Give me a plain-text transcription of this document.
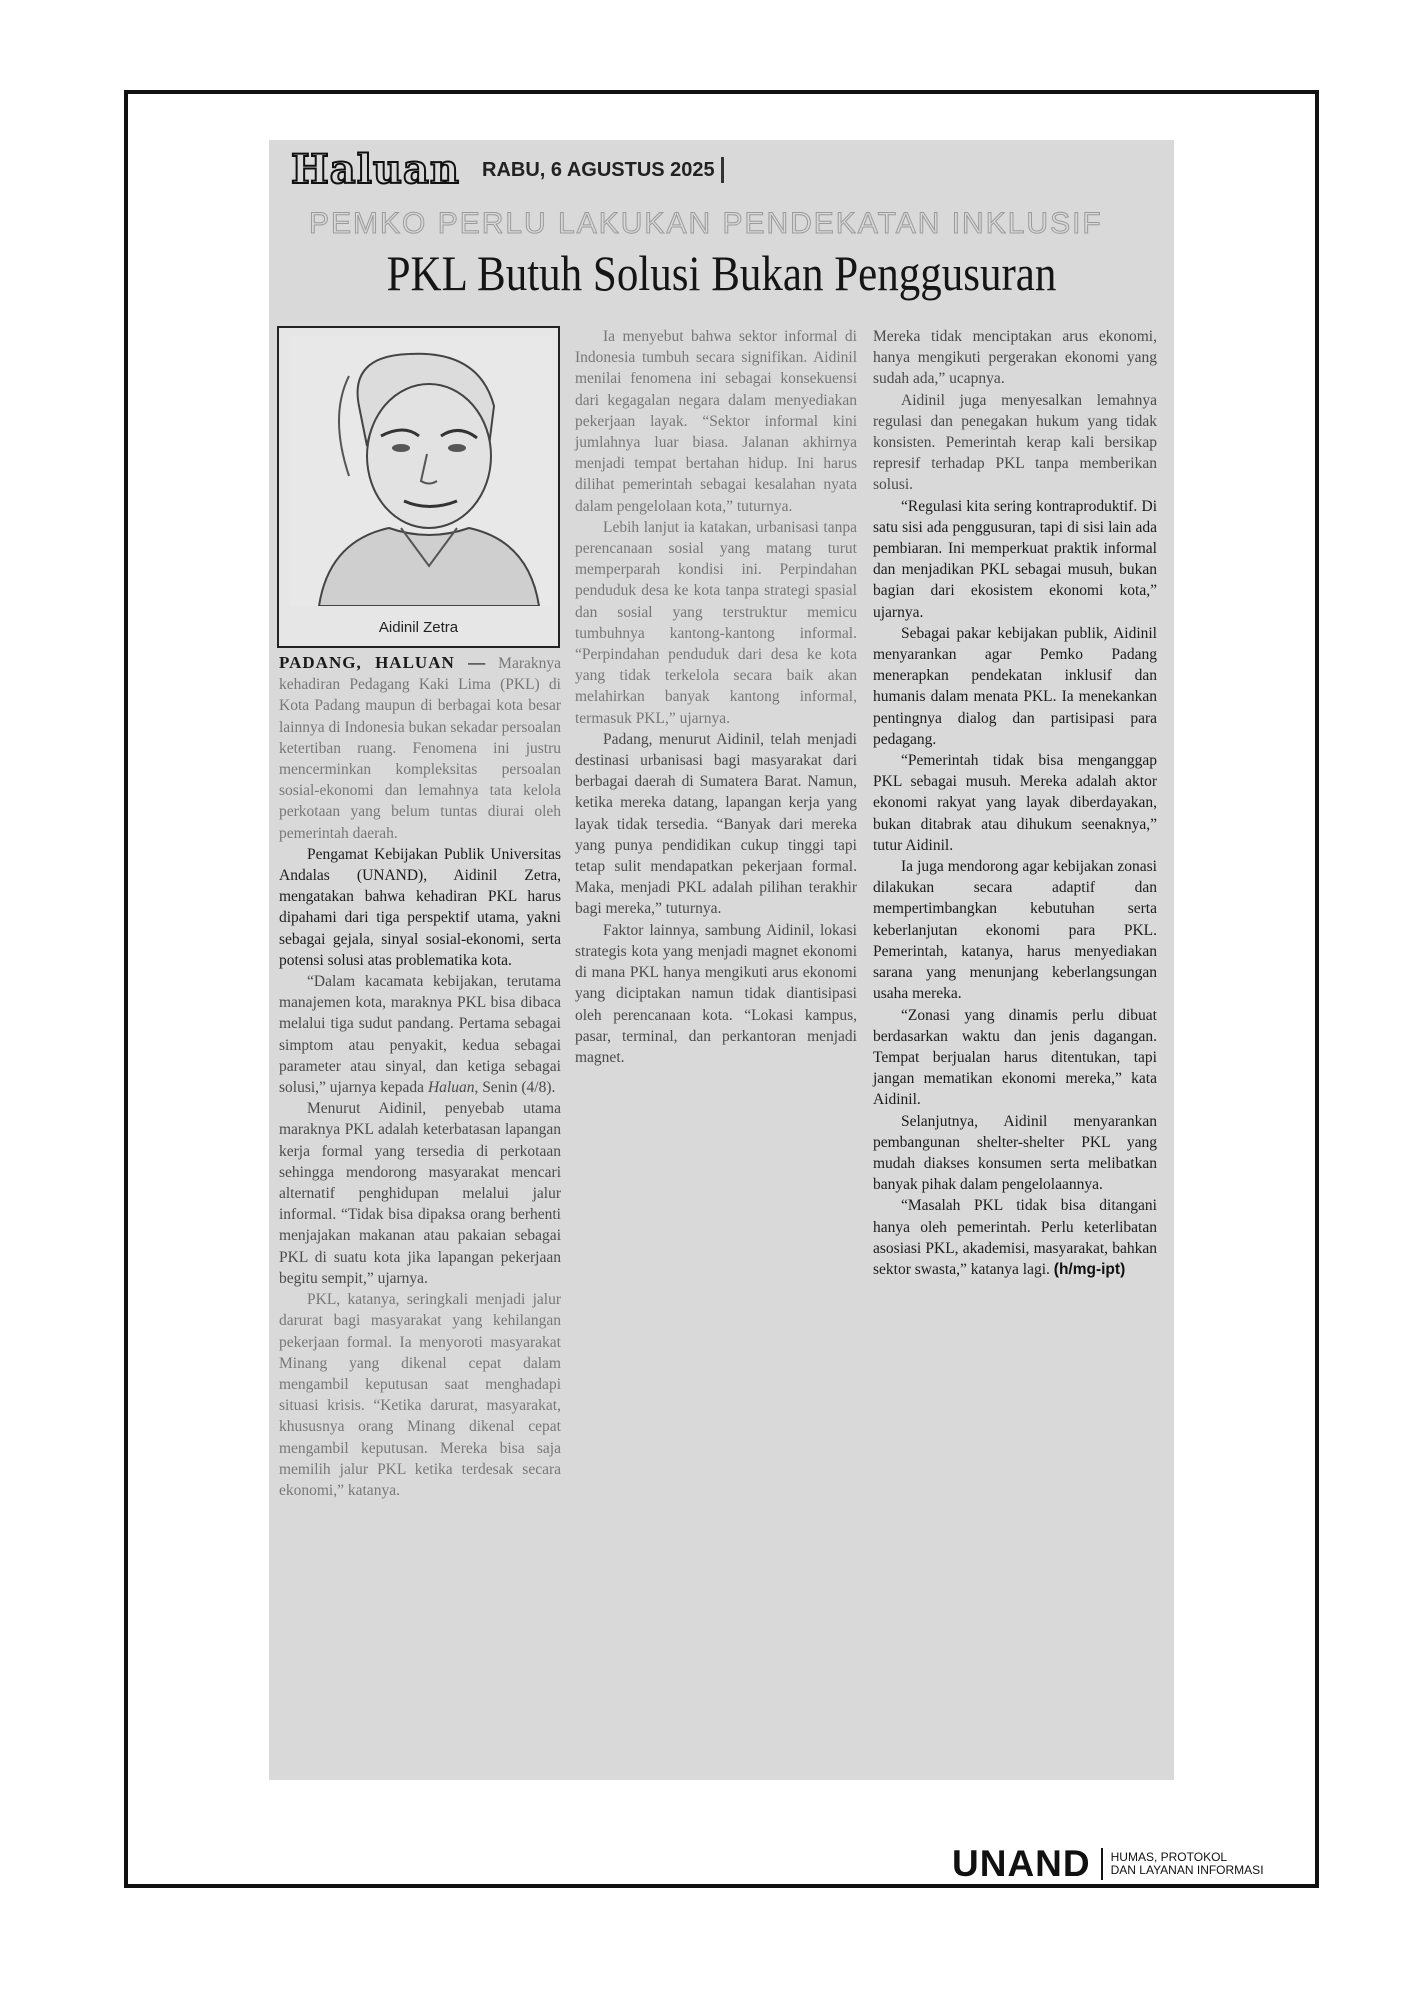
Haluan RABU, 6 AGUSTUS 2025
PEMKO PERLU LAKUKAN PENDEKATAN INKLUSIF
PKL Butuh Solusi Bukan Penggusuran
Aidinil Zetra

PADANG, HALUAN — Maraknya kehadiran Pedagang Kaki Lima (PKL) di Kota Padang maupun di berbagai kota besar lainnya di Indonesia bukan sekadar persoalan ketertiban ruang. Fenomena ini justru mencerminkan kompleksitas persoalan sosial-ekonomi dan lemahnya tata kelola perkotaan yang belum tuntas diurai oleh pemerintah daerah.

Pengamat Kebijakan Publik Universitas Andalas (UNAND), Aidinil Zetra, mengatakan bahwa kehadiran PKL harus dipahami dari tiga perspektif utama, yakni sebagai gejala, sinyal sosial-ekonomi, serta potensi solusi atas problematika kota.

“Dalam kacamata kebijakan, terutama manajemen kota, maraknya PKL bisa dibaca melalui tiga sudut pandang. Pertama sebagai simptom atau penyakit, kedua sebagai parameter atau sinyal, dan ketiga sebagai solusi,” ujarnya kepada Haluan, Senin (4/8).

Menurut Aidinil, penyebab utama maraknya PKL adalah keterbatasan lapangan kerja formal yang tersedia di perkotaan sehingga mendorong masyarakat mencari alternatif penghidupan melalui jalur informal. “Tidak bisa dipaksa orang berhenti menjajakan makanan atau pakaian sebagai PKL di suatu kota jika lapangan pekerjaan begitu sempit,” ujarnya.

PKL, katanya, seringkali menjadi jalur darurat bagi masyarakat yang kehilangan pekerjaan formal. Ia menyoroti masyarakat Minang yang dikenal cepat dalam mengambil keputusan saat menghadapi situasi krisis. “Ketika darurat, masyarakat, khususnya orang Minang dikenal cepat mengambil keputusan. Mereka bisa saja memilih jalur PKL ketika terdesak secara ekonomi,” katanya.

Ia menyebut bahwa sektor informal di Indonesia tumbuh secara signifikan. Aidinil menilai fenomena ini sebagai konsekuensi dari kegagalan negara dalam menyediakan pekerjaan layak. “Sektor informal kini jumlahnya luar biasa. Jalanan akhirnya menjadi tempat bertahan hidup. Ini harus dilihat pemerintah sebagai kesalahan nyata dalam pengelolaan kota,” tuturnya.

Lebih lanjut ia katakan, urbanisasi tanpa perencanaan sosial yang matang turut memperparah kondisi ini. Perpindahan penduduk desa ke kota tanpa strategi spasial dan sosial yang terstruktur memicu tumbuhnya kantong-kantong informal. “Perpindahan penduduk dari desa ke kota yang tidak terkelola secara baik akan melahirkan banyak kantong informal, termasuk PKL,” ujarnya.

Padang, menurut Aidinil, telah menjadi destinasi urbanisasi bagi masyarakat dari berbagai daerah di Sumatera Barat. Namun, ketika mereka datang, lapangan kerja yang layak tidak tersedia. “Banyak dari mereka yang punya pendidikan cukup tinggi tapi tetap sulit mendapatkan pekerjaan formal. Maka, menjadi PKL adalah pilihan terakhir bagi mereka,” tuturnya.

Faktor lainnya, sambung Aidinil, lokasi strategis kota yang menjadi magnet ekonomi di mana PKL hanya mengikuti arus ekonomi yang diciptakan namun tidak diantisipasi oleh perencanaan kota. “Lokasi kampus, pasar, terminal, dan perkantoran menjadi magnet.

Mereka tidak menciptakan arus ekonomi, hanya mengikuti pergerakan ekonomi yang sudah ada,” ucapnya.

Aidinil juga menyesalkan lemahnya regulasi dan penegakan hukum yang tidak konsisten. Pemerintah kerap kali bersikap represif terhadap PKL tanpa memberikan solusi.

“Regulasi kita sering kontraproduktif. Di satu sisi ada penggusuran, tapi di sisi lain ada pembiaran. Ini memperkuat praktik informal dan menjadikan PKL sebagai musuh, bukan bagian dari ekosistem ekonomi kota,” ujarnya.

Sebagai pakar kebijakan publik, Aidinil menyarankan agar Pemko Padang menerapkan pendekatan inklusif dan humanis dalam menata PKL. Ia menekankan pentingnya dialog dan partisipasi para pedagang.

“Pemerintah tidak bisa menganggap PKL sebagai musuh. Mereka adalah aktor ekonomi rakyat yang layak diberdayakan, bukan ditabrak atau dihukum seenaknya,” tutur Aidinil.

Ia juga mendorong agar kebijakan zonasi dilakukan secara adaptif dan mempertimbangkan kebutuhan serta keberlanjutan ekonomi para PKL. Pemerintah, katanya, harus menyediakan sarana yang menunjang keberlangsungan usaha mereka.

“Zonasi yang dinamis perlu dibuat berdasarkan waktu dan jenis dagangan. Tempat berjualan harus ditentukan, tapi jangan mematikan ekonomi mereka,” kata Aidinil.

Selanjutnya, Aidinil menyarankan pembangunan shelter-shelter PKL yang mudah diakses konsumen serta melibatkan banyak pihak dalam pengelolaannya.

“Masalah PKL tidak bisa ditangani hanya oleh pemerintah. Perlu keterlibatan asosiasi PKL, akademisi, masyarakat, bahkan sektor swasta,” katanya lagi. (h/mg-ipt)

UNAND HUMAS, PROTOKOL
DAN LAYANAN INFORMASI
